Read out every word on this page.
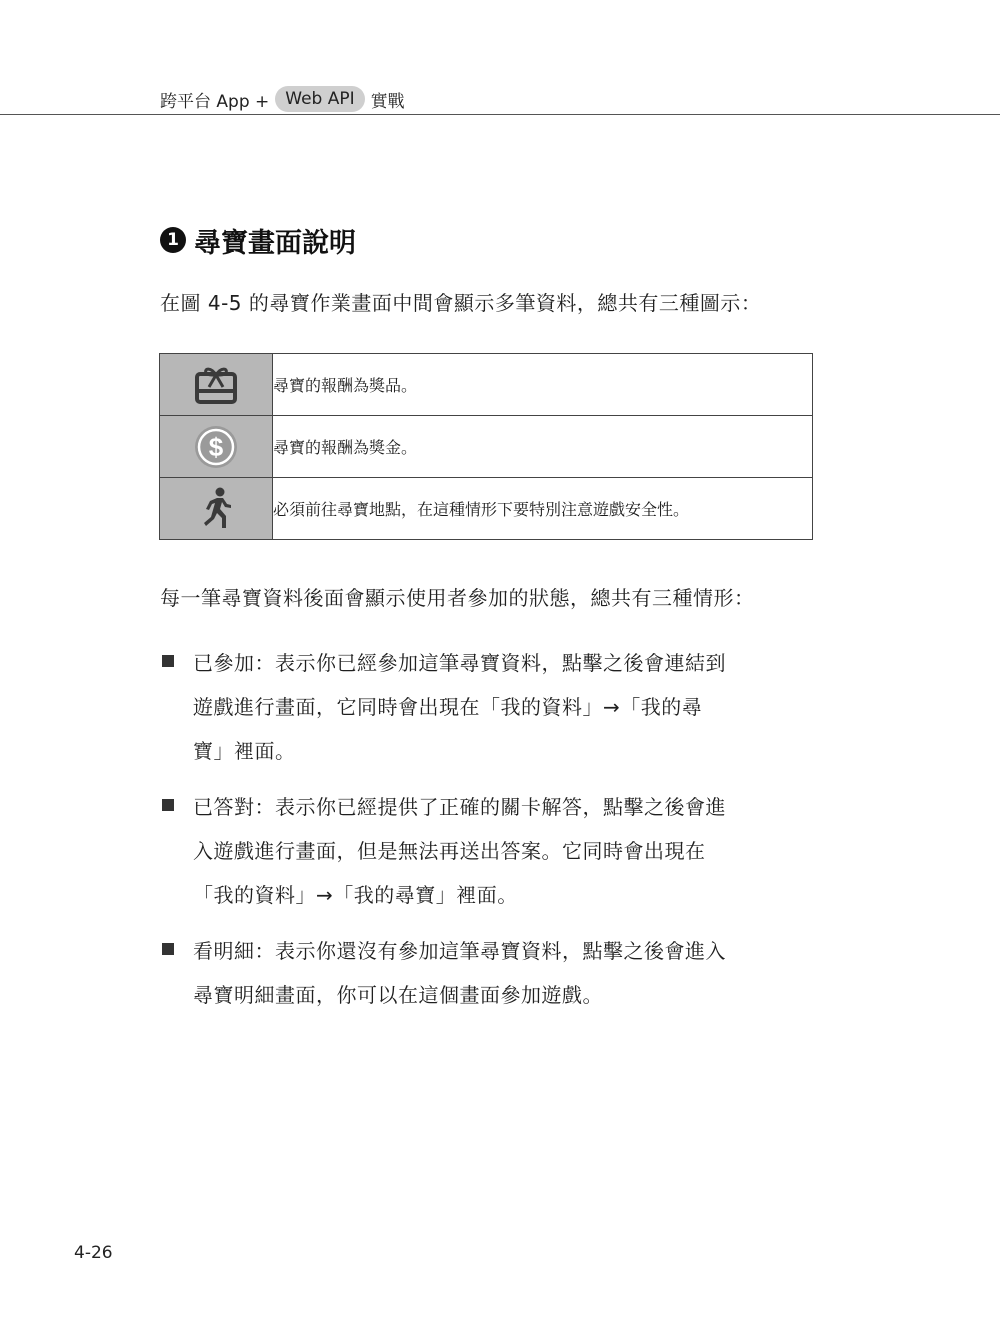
跨平台 App + Web API 實戰
1 尋寶畫面說明
在圖 4-5 的尋寶作業畫面中間會顯示多筆資料，總共有三種圖示：
	尋寶的報酬為獎品。

$	尋寶的報酬為獎金。

	必須前往尋寶地點，在這種情形下要特別注意遊戲安全性。
每一筆尋寶資料後面會顯示使用者參加的狀態，總共有三種情形：
已參加：表示你已經參加這筆尋寶資料，點擊之後會連結到
遊戲進行畫面，它同時會出現在「我的資料」→「我的尋
寶」裡面。
已答對：表示你已經提供了正確的關卡解答，點擊之後會進
入遊戲進行畫面，但是無法再送出答案。它同時會出現在
「我的資料」→「我的尋寶」裡面。
看明細：表示你還沒有參加這筆尋寶資料，點擊之後會進入
尋寶明細畫面，你可以在這個畫面參加遊戲。
4-26
